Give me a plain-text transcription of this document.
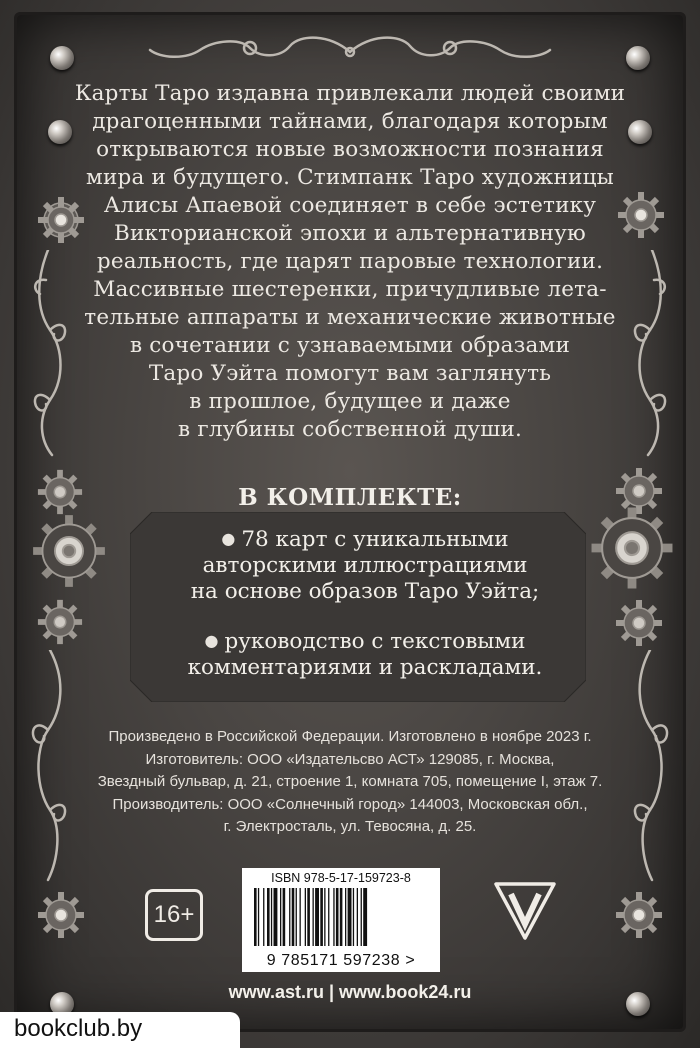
Карты Таро издавна привлекали людей своими

драгоценными тайнами, благодаря которым

открываются новые возможности познания

мира и будущего. Стимпанк Таро художницы

Алисы Апаевой соединяет в себе эстетику

Викторианской эпохи и альтернативную

реальность, где царят паровые технологии.

Массивные шестеренки, причудливые лета-

тельные аппараты и механические животные

в сочетании с узнаваемыми образами

Таро Уэйта помогут вам заглянуть

в прошлое, будущее и даже

в глубины собственной души.

В КОМПЛЕКТЕ:
● 78 карт с уникальными
авторскими иллюстрациями
на основе образов Таро Уэйта;
● руководство с текстовыми
комментариями и раскладами.
Произведено в Российской Федерации. Изготовлено в ноябре 2023 г.
Изготовитель: ООО «Издательсво АСТ» 129085, г. Москва,
Звездный бульвар, д. 21, строение 1, комната 705, помещение I, этаж 7.
Производитель: ООО «Солнечный город» 144003, Московская обл.,
г. Электросталь, ул. Тевосяна, д. 25.
16+
ISBN 978-5-17-159723-8
9 785171 597238 >
www.ast.ru | www.book24.ru
bookclub.by
